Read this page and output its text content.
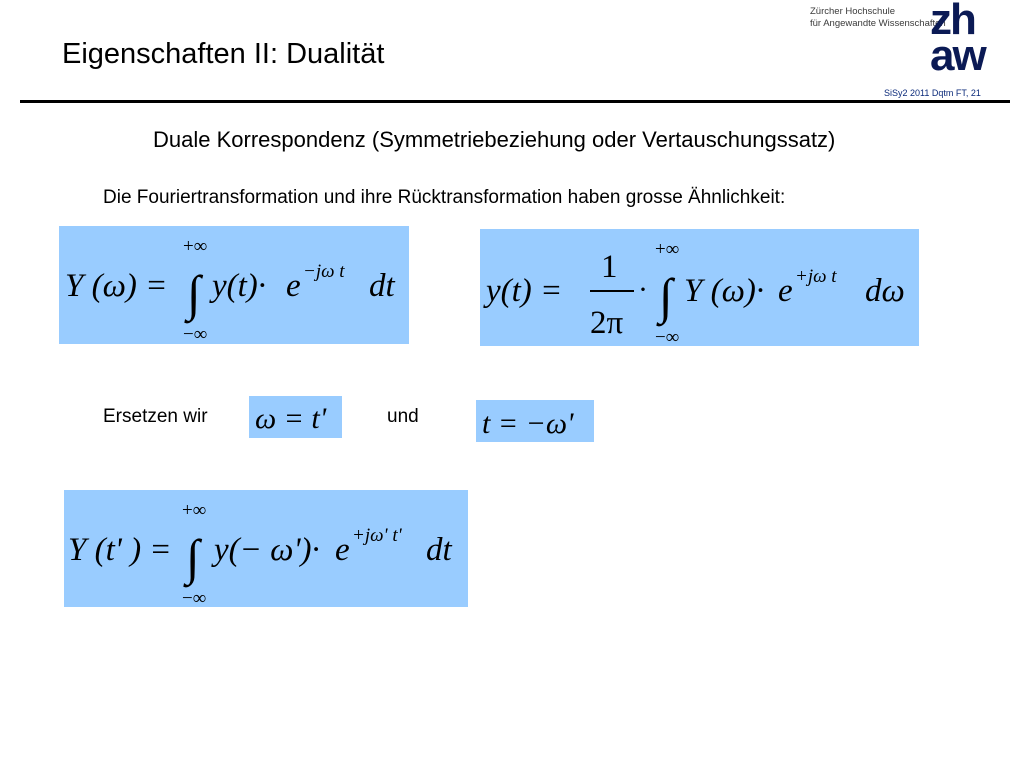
Eigenschaften II: Dualität
Zürcher Hochschule
für Angewandte Wissenschaften
zh
aw
SiSy2 2011 Dqtm FT, 21
Duale Korrespondenz (Symmetriebeziehung oder Vertauschungssatz)
Die Fouriertransformation und ihre Rücktransformation haben grosse Ähnlichkeit:
Y (ω) =
+∞
∫
−∞
y(t)· e −jω t dt	y(t) =
1
2π
·
+∞
∫
−∞
Y (ω)· e +jω t dω
Ersetzen wir ω = t'	und t = −ω'
Y (t' ) =
+∞
∫
−∞
y(− ω')· e +jω' t' dt
